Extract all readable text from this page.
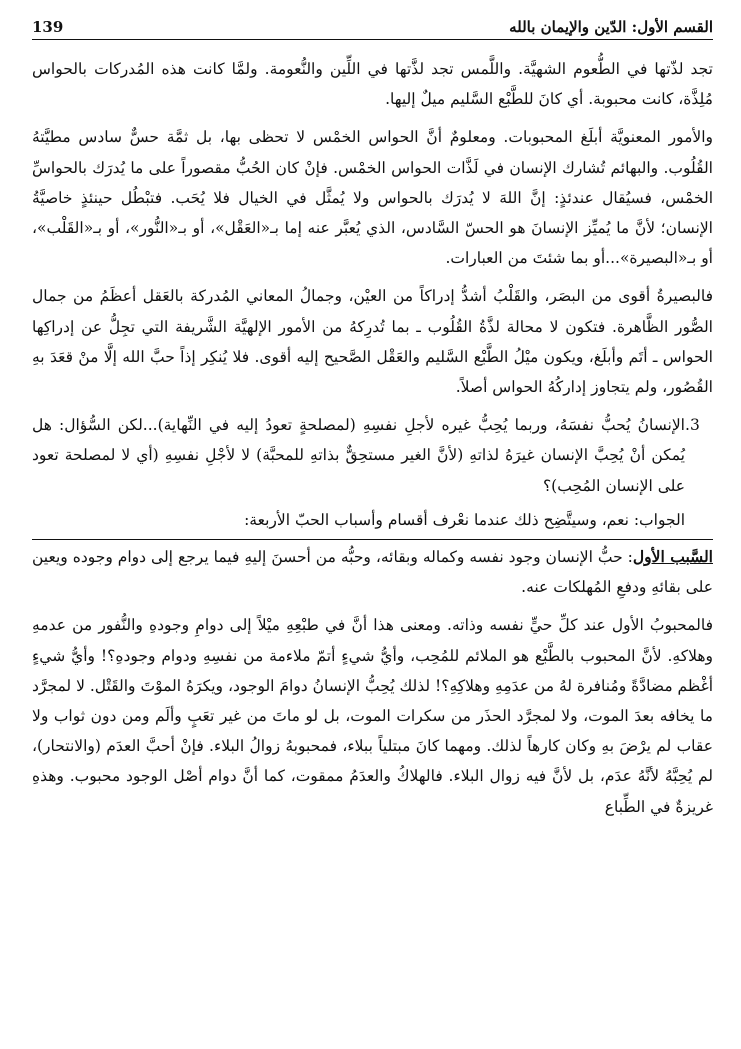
القسم الأول: الدّين والإيمان بالله
139

تجد لذّتها في الطُّعوم الشهيَّة. واللَّمس تجد لذَّتها في اللِّين والنُّعومة. ولمَّا كانت هذه المُدركات بالحواس مُلِذَّة، كانت محبوبة. أي كانَ للطَّبْع السَّليم ميلٌ إليها.

والأمور المعنويَّة أبلَغ المحبوبات. ومعلومٌ أنَّ الحواس الخمْس لا تحظى بها، بل ثمَّة حسٌّ سادس مطيَّتهُ القُلُوب. والبهائم تُشارك الإنسان في لَذَّات الحواس الخمْس. فإنْ كان الحُبُّ مقصوراً على ما يُدرَك بالحواسِّ الخمْس، فسيُقال عندئذٍ: إنَّ اللهَ لا يُدرَك بالحواس ولا يُمثَّل في الخيال فلا يُحَب. فتبْطُل حينئذٍ خاصيَّةُ الإنسان؛ لأنَّ ما يُميِّز الإنسانَ هو الحسّ السَّادس، الذي يُعبَّر عنه إما بـ«العَقْل»، أو بـ«النُّور»، أو بـ«القَلْب»، أو بـ«البصيرة»...أو بما شئتَ من العبارات.

فالبصيرةُ أقوى من البصَر، والقَلْبُ أشدُّ إدراكاً من العيْن، وجمالُ المعاني المُدركة بالعَقل أعظَمُ من جمال الصُّور الظَّاهرة. فتكون لا محالة لذَّةُ القُلُوب ـ بما تُدرِكهُ من الأمور الإلهيَّة الشَّريفة التي تجِلُّ عن إدراكِها الحواس ـ أتَم وأبلَغ، ويكون ميْلُ الطَّبْع السَّليم والعَقْل الصَّحيح إليه أقوى. فلا يُنكِر إذاً حبَّ الله إلَّا منْ قعَدَ بهِ القُصُور، ولم يتجاوز إداركُهُ الحواس أصلاً.

3.

الإنسانُ يُحبُّ نفسَهُ، وربما يُحِبُّ غيره لأجلِ نفسِهِ (لمصلحةٍ تعودُ إليه في النِّهاية)...لكن السُّؤال: هل يُمكن أنْ يُحِبَّ الإنسان غيرَهُ لذاتهِ (لأنَّ الغير مستحِقٌّ بذاتهِ للمحبَّة) لا لأجْلِ نفسِهِ (أي لا لمصلحة تعود على الإنسان المُحِب)؟

الجواب: نعم، وسيتَّضِح ذلك عندما نعْرف أقسام وأسباب الحبّ الأربعة:

السَّبب الأول: حبُّ الإنسان وجود نفسه وكماله وبقائه، وحبُّه من أحسنَ إليهِ فيما يرجع إلى دوام وجوده ويعين على بقائهِ ودفعِ المُهلكات عنه.

فالمحبوبُ الأول عند كلِّ حيٍّ نفسه وذاته. ومعنى هذا أنَّ في طبْعِهِ ميْلاً إلى دوامِ وجودهِ والنُّفور من عدمهِ وهلاكهِ. لأنَّ المحبوب بالطَّبْع هو الملائم للمُحِب، وأيُّ شيءٍ أتمّ ملاءمة من نفسِهِ ودوام وجودهِ؟! وأيُّ شيءٍ أغْظم مضادَّةً ومُنافرة لهُ من عدَمِهِ وهلاكِهِ؟! لذلك يُحِبُّ الإنسانُ دوامَ الوجود، ويكرَهُ الموْتَ والقَتْل. لا لمجرَّد ما يخافه بعدَ الموت، ولا لمجرَّد الحذَر من سكرات الموت، بل لو ماتَ من غير تعَبٍ وألَم ومن دون ثواب ولا عقاب لم يرْضَ بهِ وكان كارهاً لذلك. ومهما كانَ مبتلياً ببلاء، فمحبوبهُ زوالُ البلاء. فإنْ أحبَّ العدَم (والانتحار)، لم يُحِبَّهُ لأنَّهُ عدَم، بل لأنَّ فيه زوال البلاء. فالهلاكُ والعدَمُ ممقوت، كما أنَّ دوام أصْل الوجود محبوب. وهذهِ غريزةٌ في الطِّباع
